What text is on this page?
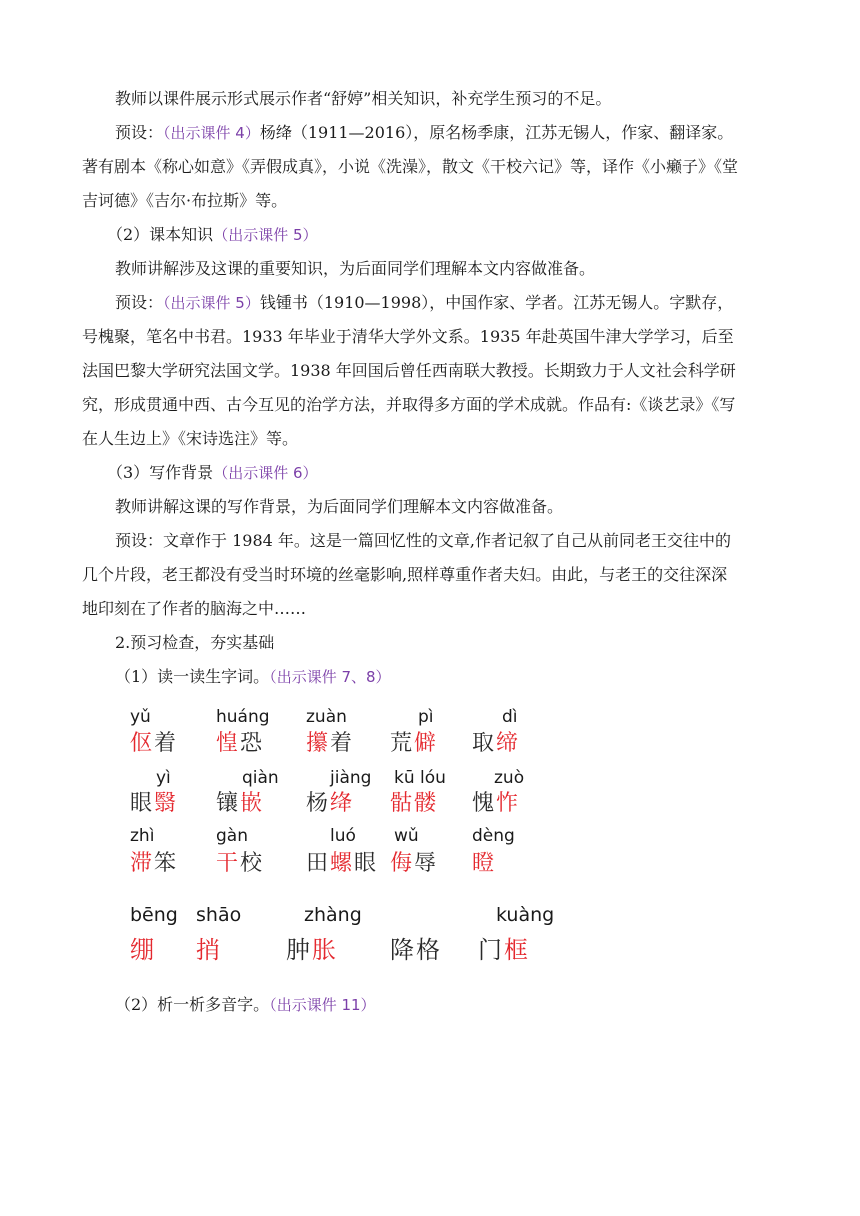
教师以课件展示形式展示作者“舒婷”相关知识，补充学生预习的不足。

预设：（出示课件 4）杨绛（1911—2016），原名杨季康，江苏无锡人，作家、翻译家。

著有剧本《称心如意》《弄假成真》，小说《洗澡》，散文《干校六记》等，译作《小癞子》《堂

吉诃德》《吉尔·布拉斯》等。

（2）课本知识（出示课件 5）

教师讲解涉及这课的重要知识，为后面同学们理解本文内容做准备。

预设：（出示课件 5）钱锺书（1910—1998），中国作家、学者。江苏无锡人。字默存，

号槐聚，笔名中书君。1933 年毕业于清华大学外文系。1935 年赴英国牛津大学学习，后至

法国巴黎大学研究法国文学。1938 年回国后曾任西南联大教授。长期致力于人文社会科学研

究，形成贯通中西、古今互见的治学方法，并取得多方面的学术成就。作品有:《谈艺录》《写

在人生边上》《宋诗选注》等。

（3）写作背景（出示课件 6）

教师讲解这课的写作背景，为后面同学们理解本文内容做准备。

预设：文章作于 1984 年。这是一篇回忆性的文章,作者记叙了自己从前同老王交往中的

几个片段，老王都没有受当时环境的丝毫影响,照样尊重作者夫妇。由此，与老王的交往深深

地印刻在了作者的脑海之中……

2.预习检查，夯实基础

（1）读一读生字词。（出示课件 7、8）

yǔ
伛着
huáng
惶恐
zuàn
攥着
pì
荒僻
dì
取缔
yì
眼翳
qiàn
镶嵌
jiàng
杨绛
kū lóu
骷髅
zuò
愧怍
zhì
滞笨
gàn
干校
luó
田螺眼
wǔ
侮辱
dèng
瞪
bēng
绷
shāo
捎
zhàng
肿胀 降格
kuàng
门框

（2）析一析多音字。（出示课件 11）
